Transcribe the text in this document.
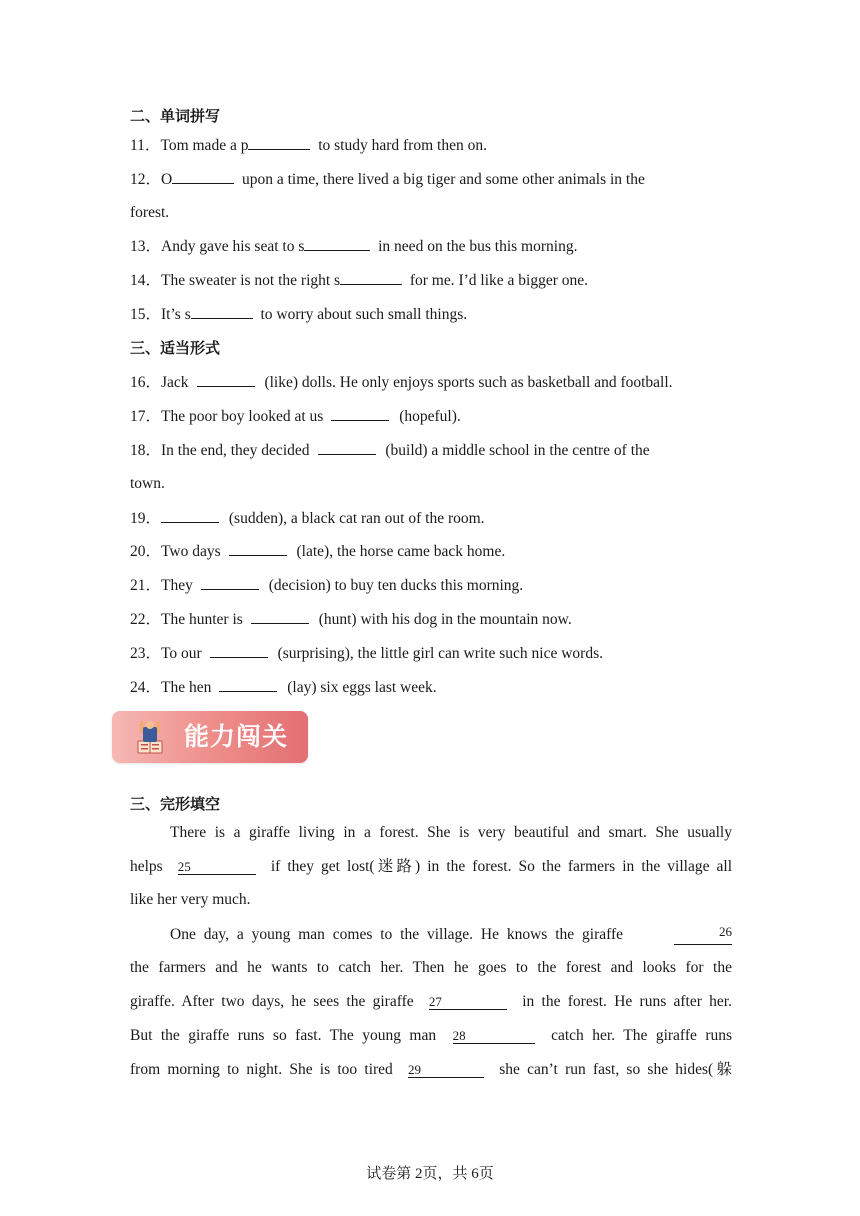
二、单词拼写
11．Tom made a p	to study hard from then on.
12．O	upon a time, there lived a big tiger and some other animals in the
forest.
13．Andy gave his seat to s	in need on the bus this morning.
14．The sweater is not the right s	for me. I’d like a bigger one.
15．It’s s	to worry about such small things.
三、适当形式
16．Jack	(like) dolls. He only enjoys sports such as basketball and football.
17．The poor boy looked at us	(hopeful).
18．In the end, they decided	(build) a middle school in the centre of the
town.
19．	(sudden), a black cat ran out of the room.
20．Two days	(late), the horse came back home.
21．They	(decision) to buy ten ducks this morning.
22．The hunter is	(hunt) with his dog in the mountain now.
23．To our	(surprising), the little girl can write such nice words.
24．The hen	(lay) six eggs last week.
能力闯关
三、完形填空
There is a giraffe living in a forest. She is very beautiful and smart. She usually
helps 25	if they get lost(迷路) in the forest. So the farmers in the village all
like her very much.
One day, a young man comes to the village. He knows the giraffe	26
the farmers and he wants to catch her. Then he goes to the forest and looks for the
giraffe. After two days, he sees the giraffe 27	in the forest. He runs after her.
But the giraffe runs so fast. The young man 28	catch her. The giraffe runs
from morning to night. She is too tired 29	she can’t run fast, so she hides(躲
试卷第 2页，共 6页
